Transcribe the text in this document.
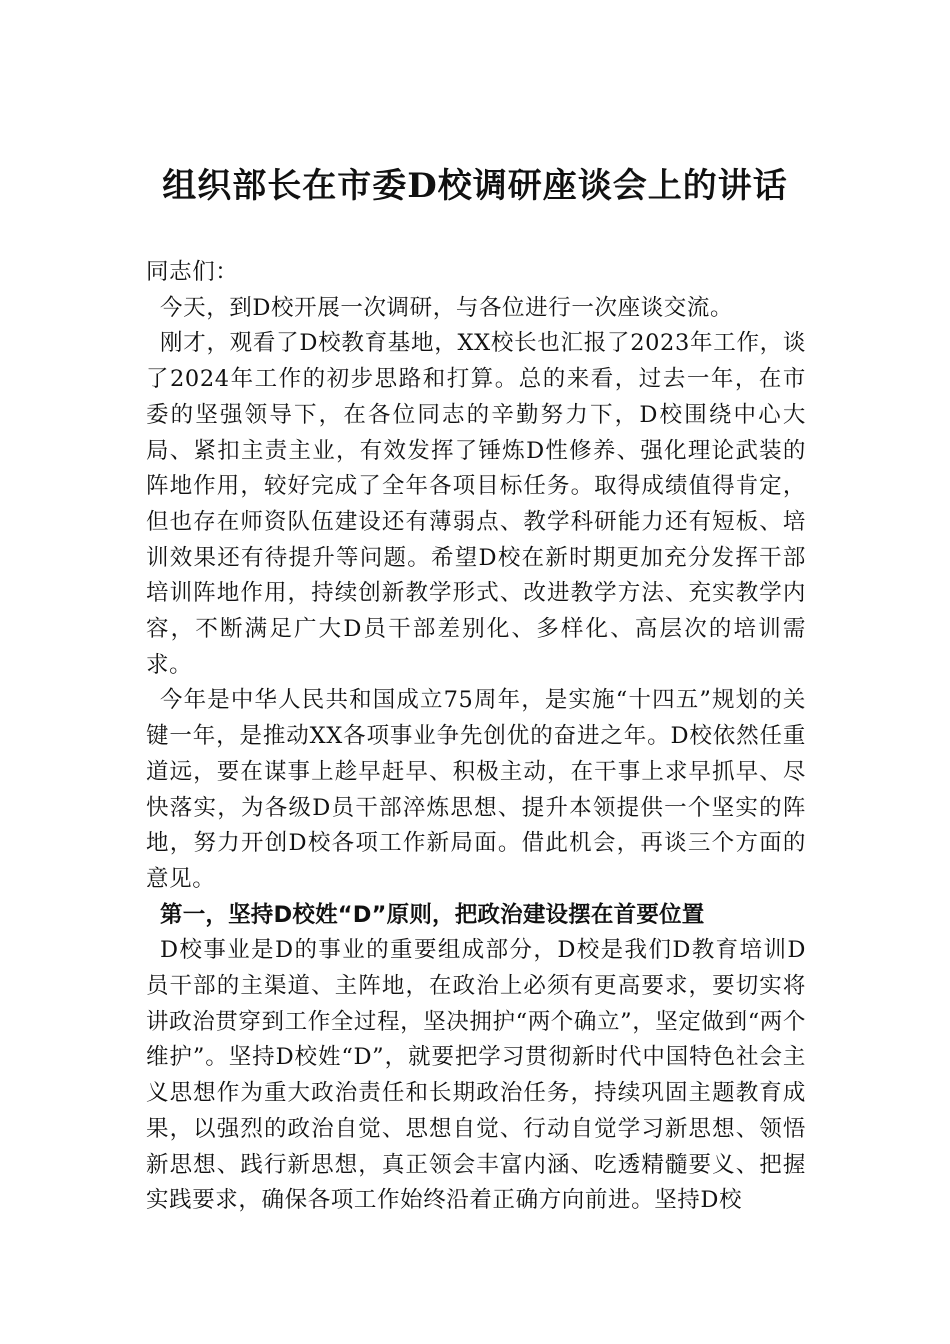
组织部长在市委D校调研座谈会上的讲话

同志们：

今天，到D校开展一次调研，与各位进行一次座谈交流。

刚才，观看了D校教育基地，XX校长也汇报了2023年工作，谈了2024年工作的初步思路和打算。总的来看，过去一年，在市委的坚强领导下，在各位同志的辛勤努力下，D校围绕中心大局、紧扣主责主业，有效发挥了锤炼D性修养、强化理论武装的阵地作用，较好完成了全年各项目标任务。取得成绩值得肯定，但也存在师资队伍建设还有薄弱点、教学科研能力还有短板、培训效果还有待提升等问题。希望D校在新时期更加充分发挥干部培训阵地作用，持续创新教学形式、改进教学方法、充实教学内容，不断满足广大D员干部差别化、多样化、高层次的培训需求。

今年是中华人民共和国成立75周年，是实施“十四五”规划的关键一年，是推动XX各项事业争先创优的奋进之年。D校依然任重道远，要在谋事上趁早赶早、积极主动，在干事上求早抓早、尽快落实，为各级D员干部淬炼思想、提升本领提供一个坚实的阵地，努力开创D校各项工作新局面。借此机会，再谈三个方面的意见。

第一，坚持D校姓“D”原则，把政治建设摆在首要位置

D校事业是D的事业的重要组成部分，D校是我们D教育培训D员干部的主渠道、主阵地，在政治上必须有更高要求，要切实将讲政治贯穿到工作全过程，坚决拥护“两个确立”，坚定做到“两个维护”。坚持D校姓“D”，就要把学习贯彻新时代中国特色社会主义思想作为重大政治责任和长期政治任务，持续巩固主题教育成果，以强烈的政治自觉、思想自觉、行动自觉学习新思想、领悟新思想、践行新思想，真正领会丰富内涵、吃透精髓要义、把握实践要求，确保各项工作始终沿着正确方向前进。坚持D校
